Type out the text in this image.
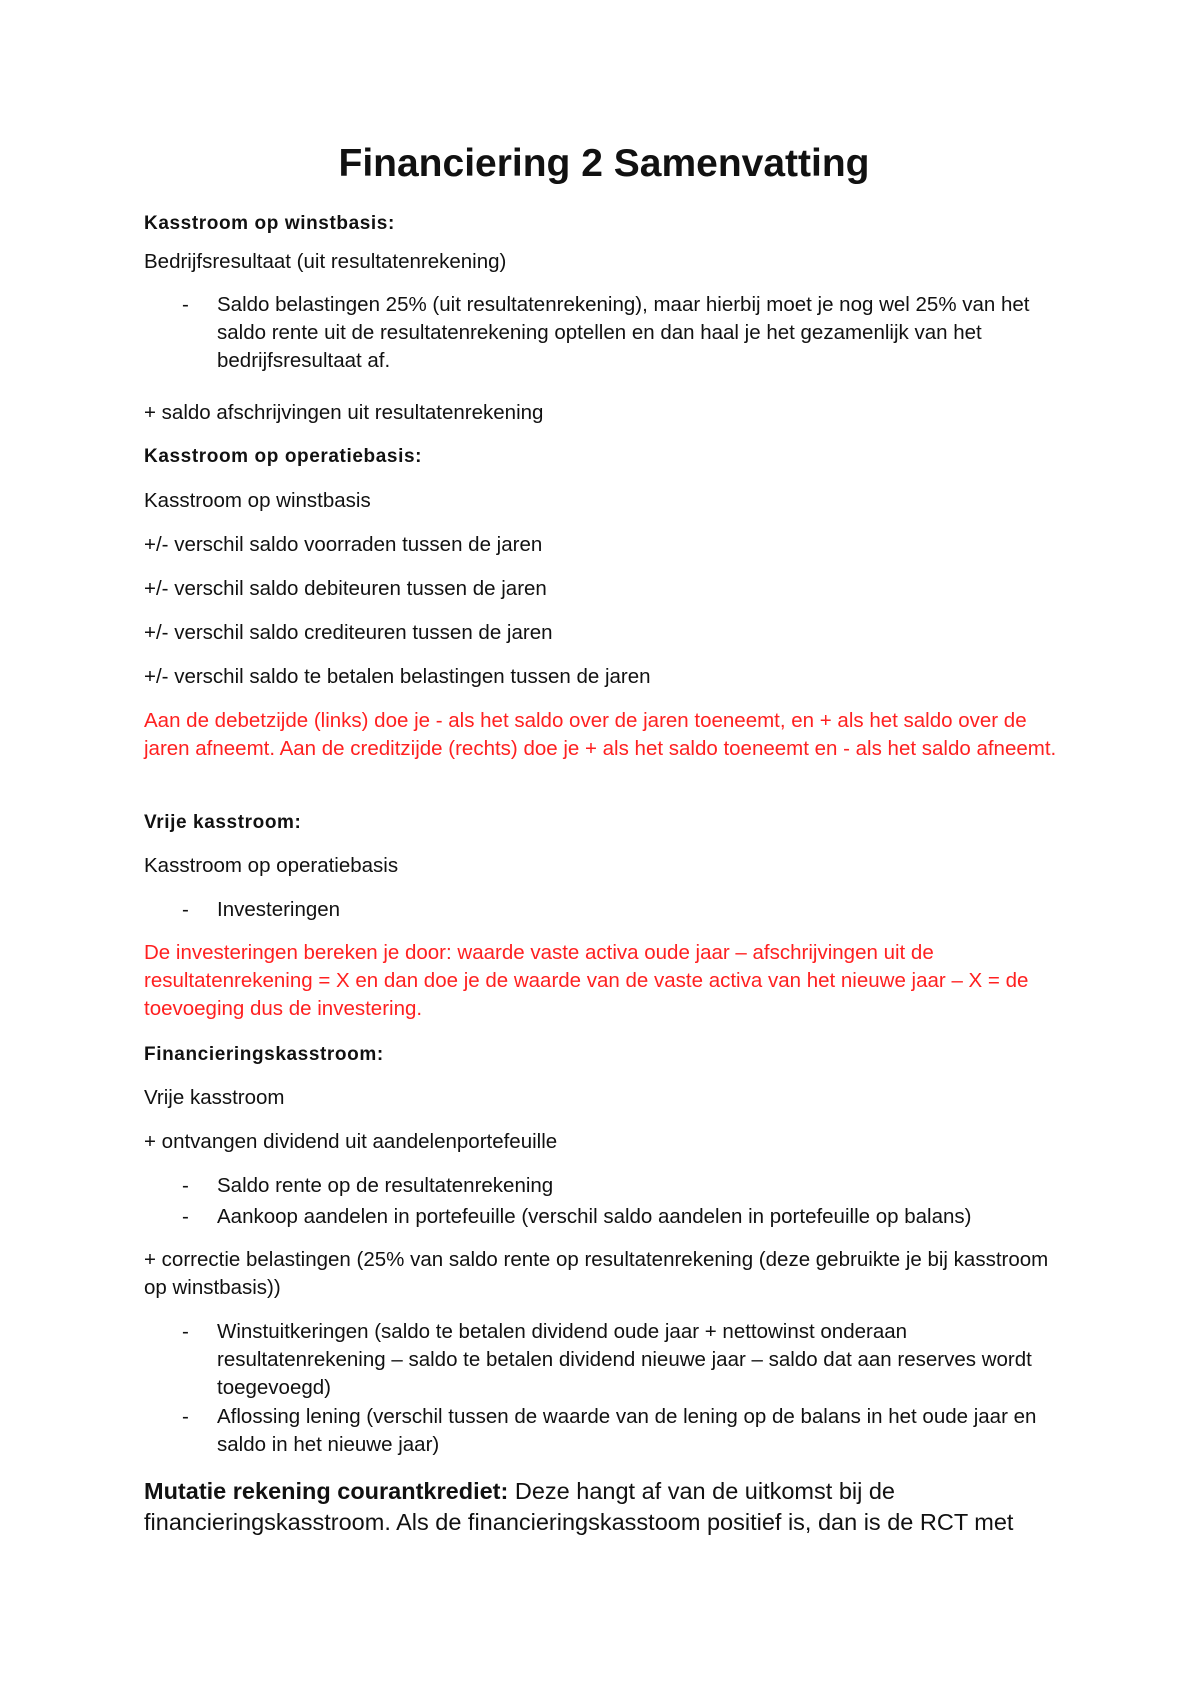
Financiering 2 Samenvatting

Kasstroom op winstbasis:

Bedrijfsresultaat (uit resultatenrekening)

- Saldo belastingen 25% (uit resultatenrekening), maar hierbij moet je nog wel 25% van het saldo rente uit de resultatenrekening optellen en dan haal je het gezamenlijk van het bedrijfsresultaat af.

+ saldo afschrijvingen uit resultatenrekening

Kasstroom op operatiebasis:

Kasstroom op winstbasis

+/- verschil saldo voorraden tussen de jaren

+/- verschil saldo debiteuren tussen de jaren

+/- verschil saldo crediteuren tussen de jaren

+/- verschil saldo te betalen belastingen tussen de jaren

Aan de debetzijde (links) doe je - als het saldo over de jaren toeneemt, en + als het saldo over de jaren afneemt. Aan de creditzijde (rechts) doe je + als het saldo toeneemt en - als het saldo afneemt.

Vrije kasstroom:

Kasstroom op operatiebasis

- Investeringen

De investeringen bereken je door: waarde vaste activa oude jaar – afschrijvingen uit de resultatenrekening = X en dan doe je de waarde van de vaste activa van het nieuwe jaar – X = de toevoeging dus de investering.

Financieringskasstroom:

Vrije kasstroom

+ ontvangen dividend uit aandelenportefeuille

- Saldo rente op de resultatenrekening
- Aankoop aandelen in portefeuille (verschil saldo aandelen in portefeuille op balans)

+ correctie belastingen (25% van saldo rente op resultatenrekening (deze gebruikte je bij kasstroom op winstbasis))

- Winstuitkeringen (saldo te betalen dividend oude jaar + nettowinst onderaan resultatenrekening – saldo te betalen dividend nieuwe jaar – saldo dat aan reserves wordt toegevoegd)
- Aflossing lening (verschil tussen de waarde van de lening op de balans in het oude jaar en saldo in het nieuwe jaar)

Mutatie rekening courantkrediet: Deze hangt af van de uitkomst bij de financieringskasstroom. Als de financieringskasstoom positief is, dan is de RCT met
